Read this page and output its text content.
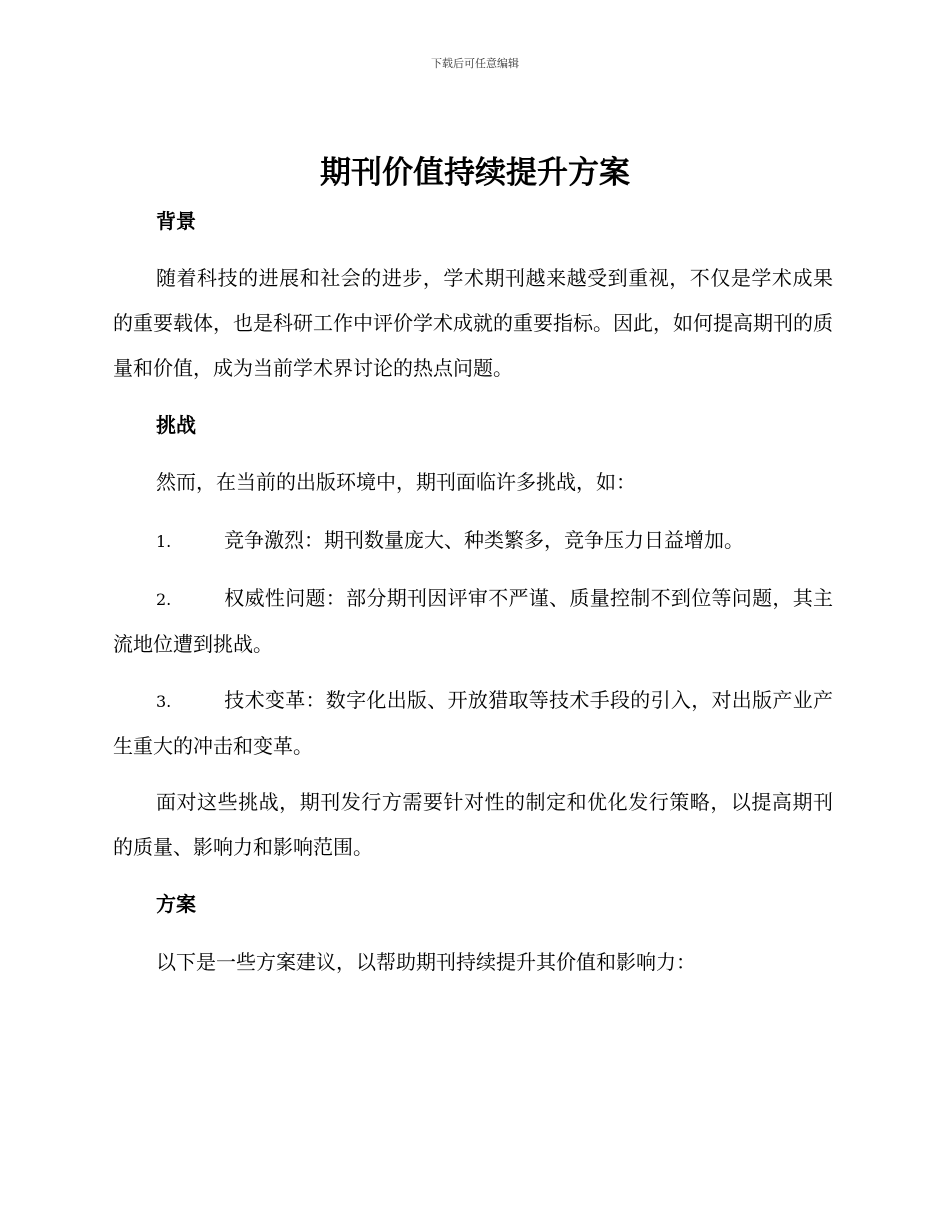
下载后可任意编辑
期刊价值持续提升方案
背景

随着科技的进展和社会的进步，学术期刊越来越受到重视，不仅是学术成果的重要载体，也是科研工作中评价学术成就的重要指标。因此，如何提高期刊的质量和价值，成为当前学术界讨论的热点问题。

挑战

然而，在当前的出版环境中，期刊面临许多挑战，如：

1.	竞争激烈：期刊数量庞大、种类繁多，竞争压力日益增加。
2.	权威性问题：部分期刊因评审不严谨、质量控制不到位等问题，其主流地位遭到挑战。
3.	技术变革：数字化出版、开放猎取等技术手段的引入，对出版产业产生重大的冲击和变革。

面对这些挑战，期刊发行方需要针对性的制定和优化发行策略，以提高期刊的质量、影响力和影响范围。

方案

以下是一些方案建议，以帮助期刊持续提升其价值和影响力：
